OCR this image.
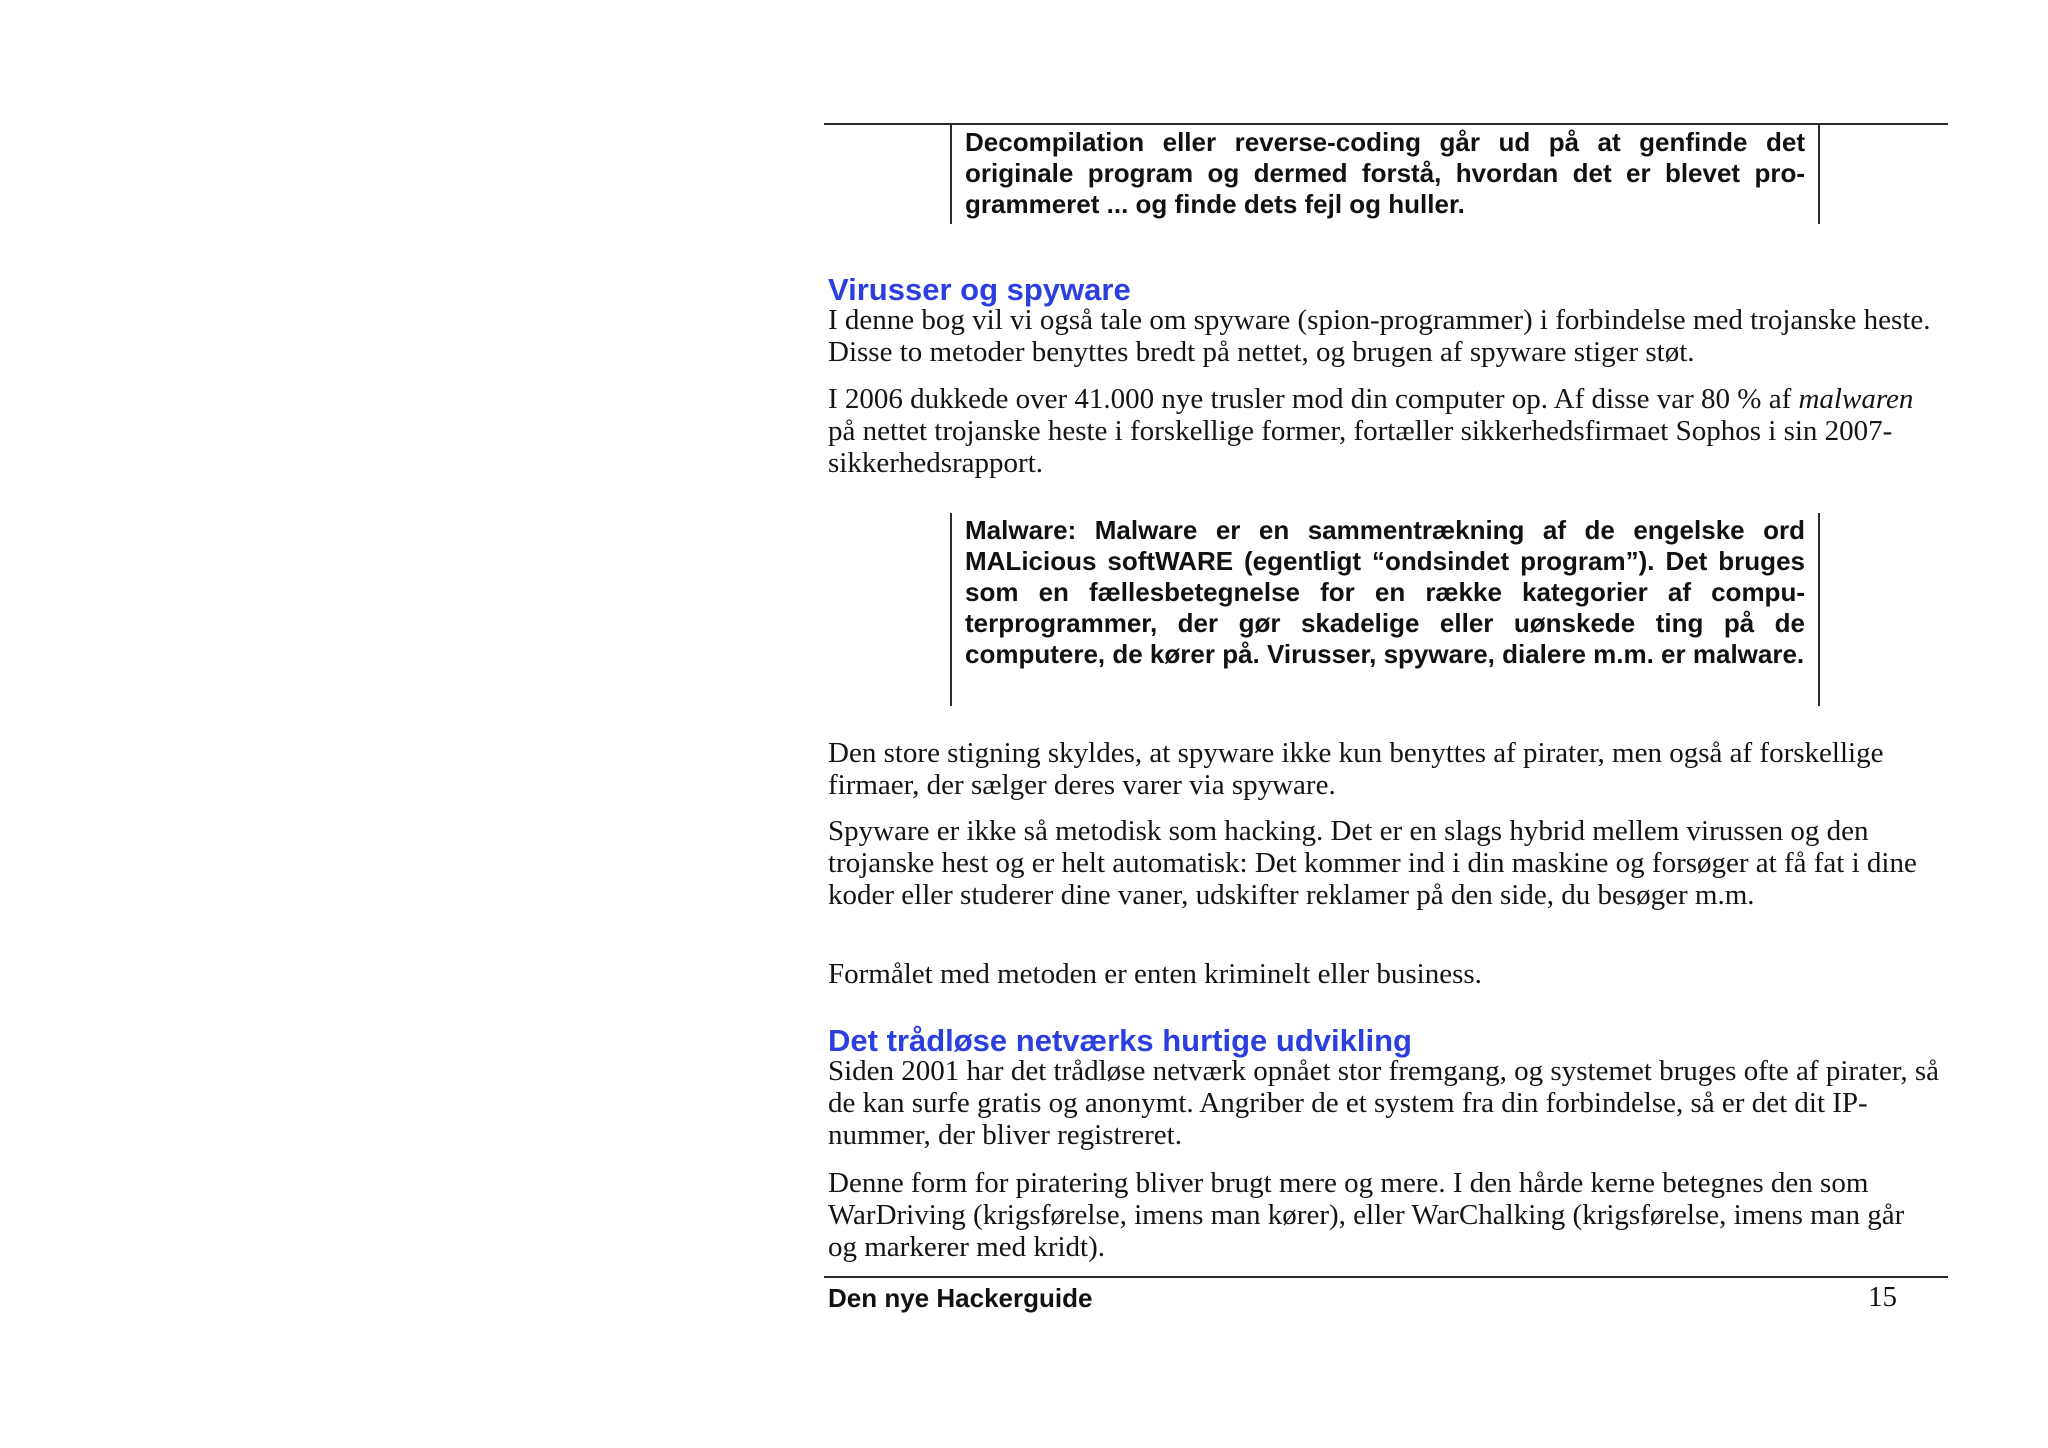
Decompilation eller reverse-coding går ud på at genfinde det originale program og dermed forstå, hvordan det er blevet programmeret ... og finde dets fejl og huller.
Virusser og spyware
I denne bog vil vi også tale om spyware (spion-programmer) i forbindelse med trojanske heste. Disse to metoder benyttes bredt på nettet, og brugen af spyware stiger støt.
I 2006 dukkede over 41.000 nye trusler mod din computer op. Af disse var 80 % af malwaren på nettet trojanske heste i forskellige former, fortæller sikkerhedsfirmaet Sophos i sin 2007-sikkerhedsrapport.
Malware: Malware er en sammentrækning af de engelske ord MALicious softWARE (egentligt “ondsindet program”). Det bruges som en fællesbetegnelse for en række kategorier af computerprogrammer, der gør skadelige eller uønskede ting på de computere, de kører på. Virusser, spyware, dialere m.m. er malware.
Den store stigning skyldes, at spyware ikke kun benyttes af pirater, men også af forskellige firmaer, der sælger deres varer via spyware.
Spyware er ikke så metodisk som hacking. Det er en slags hybrid mellem virussen og den trojanske hest og er helt automatisk: Det kommer ind i din maskine og forsøger at få fat i dine koder eller studerer dine vaner, udskifter reklamer på den side, du besøger m.m.
Formålet med metoden er enten kriminelt eller business.
Det trådløse netværks hurtige udvikling
Siden 2001 har det trådløse netværk opnået stor fremgang, og systemet bruges ofte af pirater, så de kan surfe gratis og anonymt. Angriber de et system fra din forbindelse, så er det dit IP-nummer, der bliver registreret.
Denne form for piratering bliver brugt mere og mere. I den hårde kerne betegnes den som WarDriving (krigsførelse, imens man kører), eller WarChalking (krigsførelse, imens man går og markerer med kridt).
Den nye Hackerguide	15
